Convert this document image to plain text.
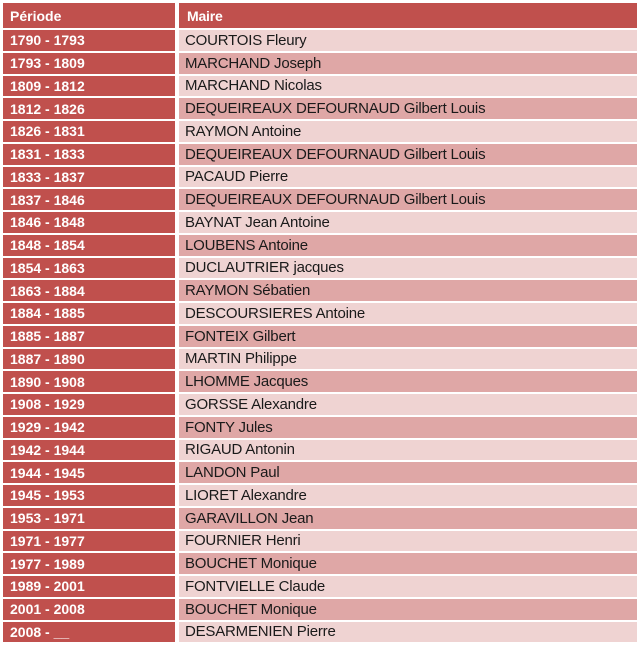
Période	Maire
1790 - 1793	COURTOIS Fleury
1793 - 1809	MARCHAND Joseph
1809 - 1812	MARCHAND Nicolas
1812 - 1826	DEQUEIREAUX DEFOURNAUD Gilbert Louis
1826 - 1831	RAYMON Antoine
1831 - 1833	DEQUEIREAUX DEFOURNAUD Gilbert Louis
1833 - 1837	PACAUD Pierre
1837 - 1846	DEQUEIREAUX DEFOURNAUD Gilbert Louis
1846 - 1848	BAYNAT Jean Antoine
1848 - 1854	LOUBENS Antoine
1854 - 1863	DUCLAUTRIER jacques
1863 - 1884	RAYMON Sébatien
1884 - 1885	DESCOURSIERES Antoine
1885 - 1887	FONTEIX Gilbert
1887 - 1890	MARTIN Philippe
1890 - 1908	LHOMME Jacques
1908 - 1929	GORSSE Alexandre
1929 - 1942	FONTY Jules
1942 - 1944	RIGAUD Antonin
1944 - 1945	LANDON Paul
1945 - 1953	LIORET Alexandre
1953 - 1971	GARAVILLON Jean
1971 - 1977	FOURNIER Henri
1977 - 1989	BOUCHET Monique
1989 - 2001	FONTVIELLE Claude
2001 - 2008	BOUCHET Monique
2008 - __	DESARMENIEN Pierre
